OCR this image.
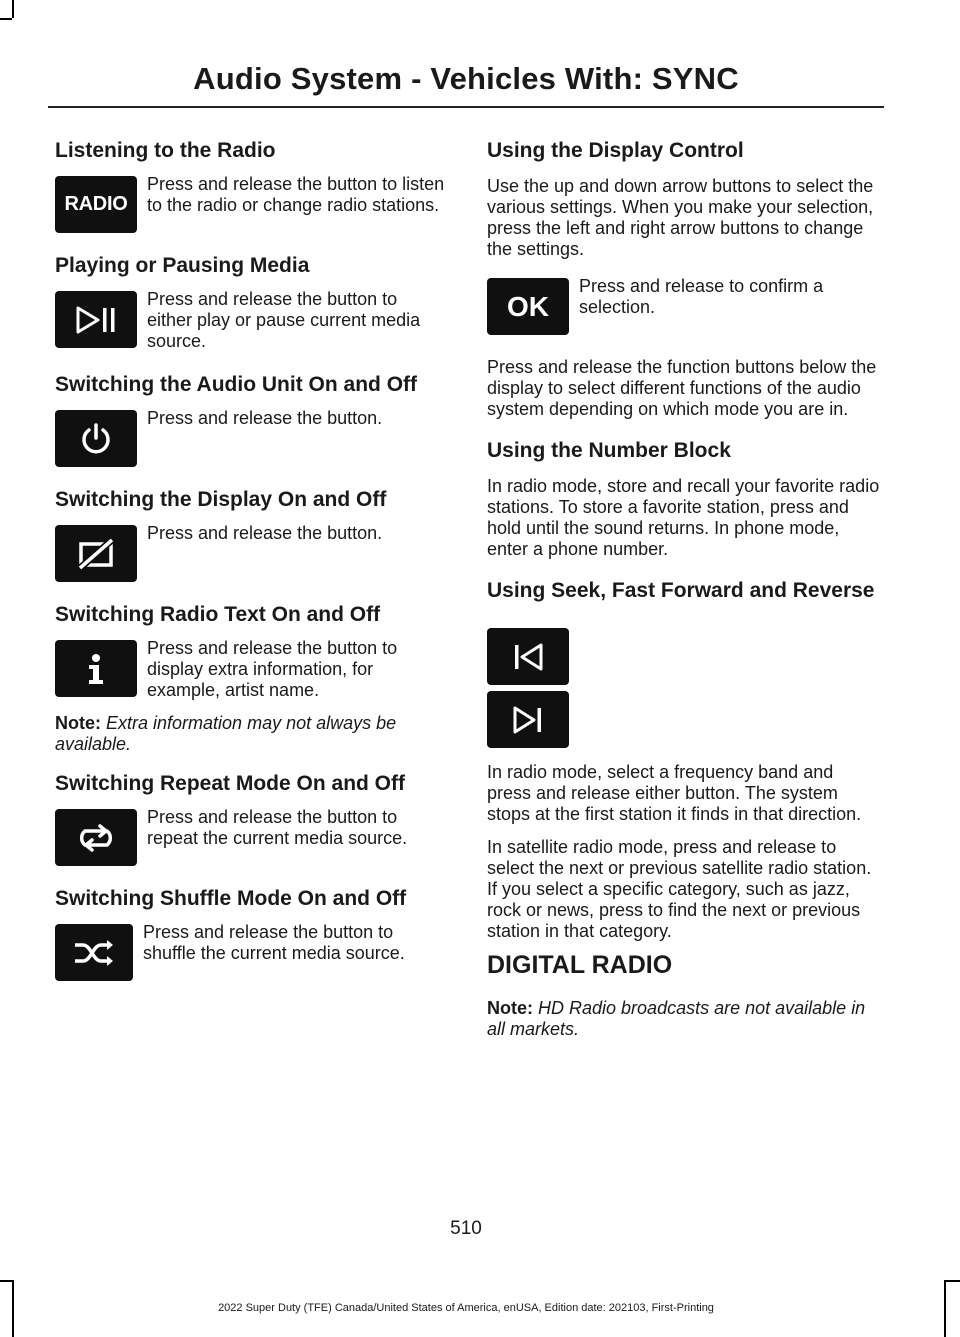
Audio System - Vehicles With: SYNC
Listening to the Radio
RADIO
Press and release the button to listen to the radio or change radio stations.
Playing or Pausing Media
Press and release the button to either play or pause current media source.
Switching the Audio Unit On and Off
Press and release the button.
Switching the Display On and Off
Press and release the button.
Switching Radio Text On and Off
Press and release the button to display extra information, for example, artist name.

Note: Extra information may not always be available.

Switching Repeat Mode On and Off
Press and release the button to repeat the current media source.
Switching Shuffle Mode On and Off
Press and release the button to shuffle the current media source.
Using the Display Control

Use the up and down arrow buttons to select the various settings. When you make your selection, press the left and right arrow buttons to change the settings.

OK
Press and release to confirm a selection.

Press and release the function buttons below the display to select different functions of the audio system depending on which mode you are in.

Using the Number Block

In radio mode, store and recall your favorite radio stations. To store a favorite station, press and hold until the sound returns. In phone mode, enter a phone number.

Using Seek, Fast Forward and Reverse

In radio mode, select a frequency band and press and release either button. The system stops at the first station it finds in that direction.

In satellite radio mode, press and release to select the next or previous satellite radio station. If you select a specific category, such as jazz, rock or news, press to find the next or previous station in that category.

DIGITAL RADIO

Note: HD Radio broadcasts are not available in all markets.

510
2022 Super Duty (TFE) Canada/United States of America, enUSA, Edition date: 202103, First-Printing
